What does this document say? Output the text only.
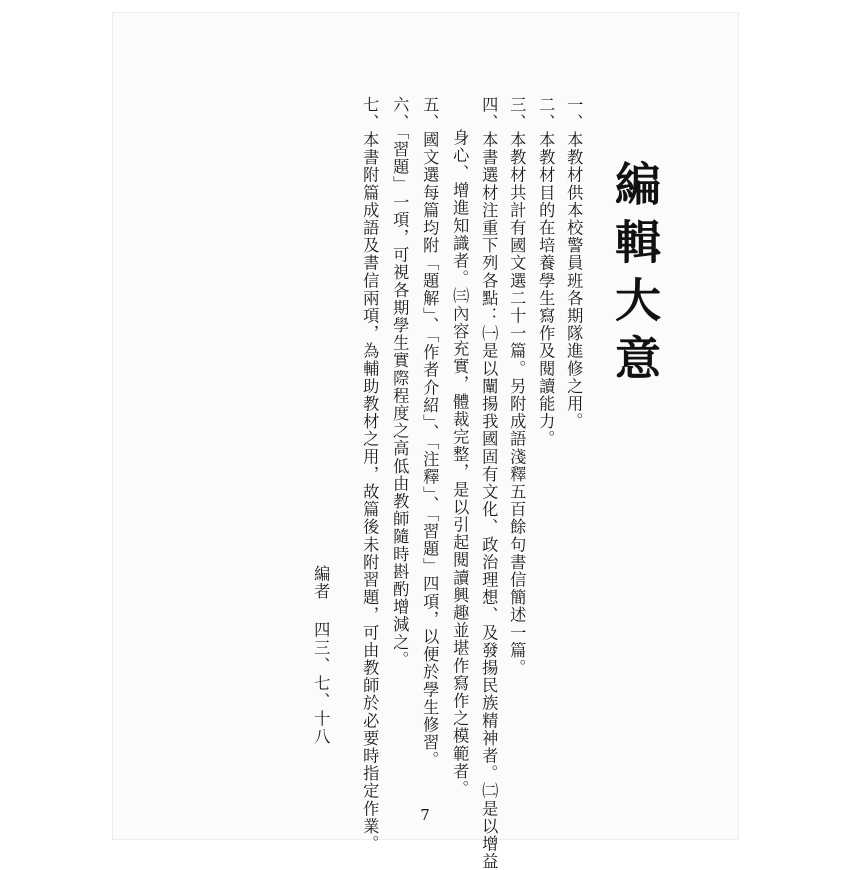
編輯大意
一、本教材供本校警員班各期隊進修之用。
二、本教材目的在培養學生寫作及閱讀能力。
三、本教材共計有國文選二十一篇。另附成語淺釋五百餘句書信簡述一篇。
四、本書選材注重下列各點：㈠是以闡揚我國固有文化、政治理想、及發揚民族精神者。㈡是以增益
身心、增進知識者。㈢內容充實，體裁完整，是以引起閱讀興趣並堪作寫作之模範者。
五、國文選每篇均附「題解」、「作者介紹」、「注釋」、「習題」四項，以便於學生修習。
六、「習題」一項，可視各期學生實際程度之高低由教師隨時斟酌增減之。
七、本書附篇成語及書信兩項，為輔助教材之用，故篇後未附習題，可由教師於必要時指定作業。
編者 四三、七、十八
7
